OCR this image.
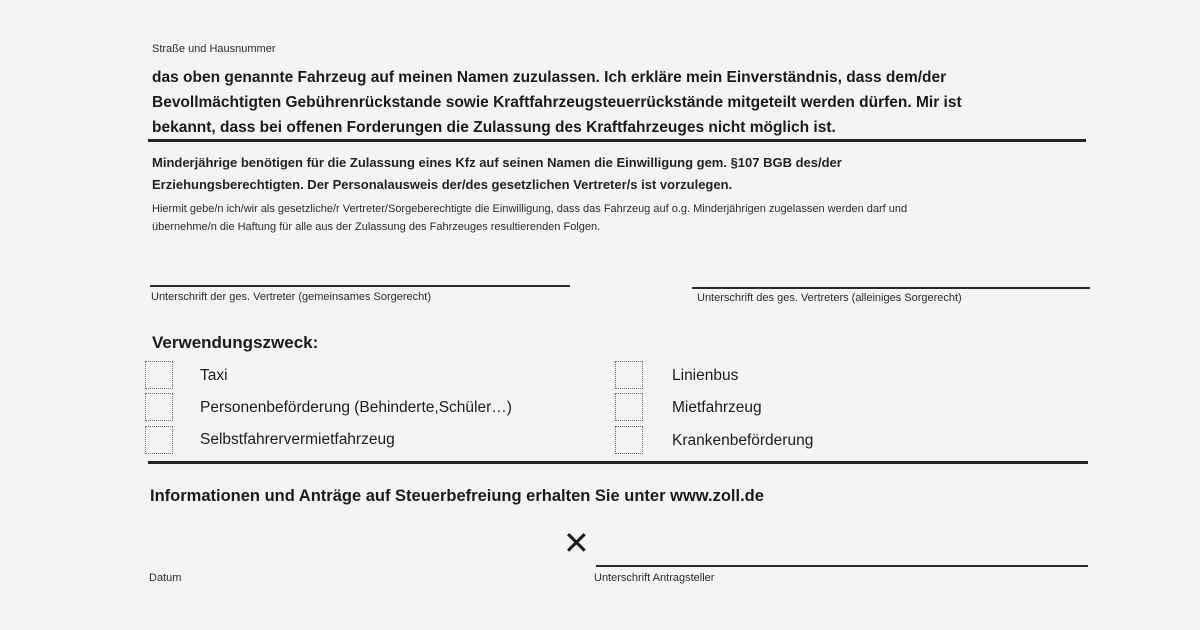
Straße und Hausnummer
das oben genannte Fahrzeug auf meinen Namen zuzulassen. Ich erkläre mein Einverständnis, dass dem/der
Bevollmächtigten Gebührenrückstande sowie Kraftfahrzeugsteuerrückstände mitgeteilt werden dürfen. Mir ist
bekannt, dass bei offenen Forderungen die Zulassung des Kraftfahrzeuges nicht möglich ist.
Minderjährige benötigen für die Zulassung eines Kfz auf seinen Namen die Einwilligung gem. §107 BGB des/der
Erziehungsberechtigten. Der Personalausweis der/des gesetzlichen Vertreter/s ist vorzulegen.
Hiermit gebe/n ich/wir als gesetzliche/r Vertreter/Sorgeberechtigte die Einwilligung, dass das Fahrzeug auf o.g. Minderjährigen zugelassen werden darf und
übernehme/n die Haftung für alle aus der Zulassung des Fahrzeuges resultierenden Folgen.
Unterschrift der ges. Vertreter (gemeinsames Sorgerecht)	Unterschrift des ges. Vertreters (alleiniges Sorgerecht)
Verwendungszweck:
Taxi
Personenbeförderung (Behinderte,Schüler…)
Selbstfahrervermietfahrzeug
Linienbus
Mietfahrzeug
Krankenbeförderung
Informationen und Anträge auf Steuerbefreiung erhalten Sie unter www.zoll.de
✕
Datum	Unterschrift Antragsteller
